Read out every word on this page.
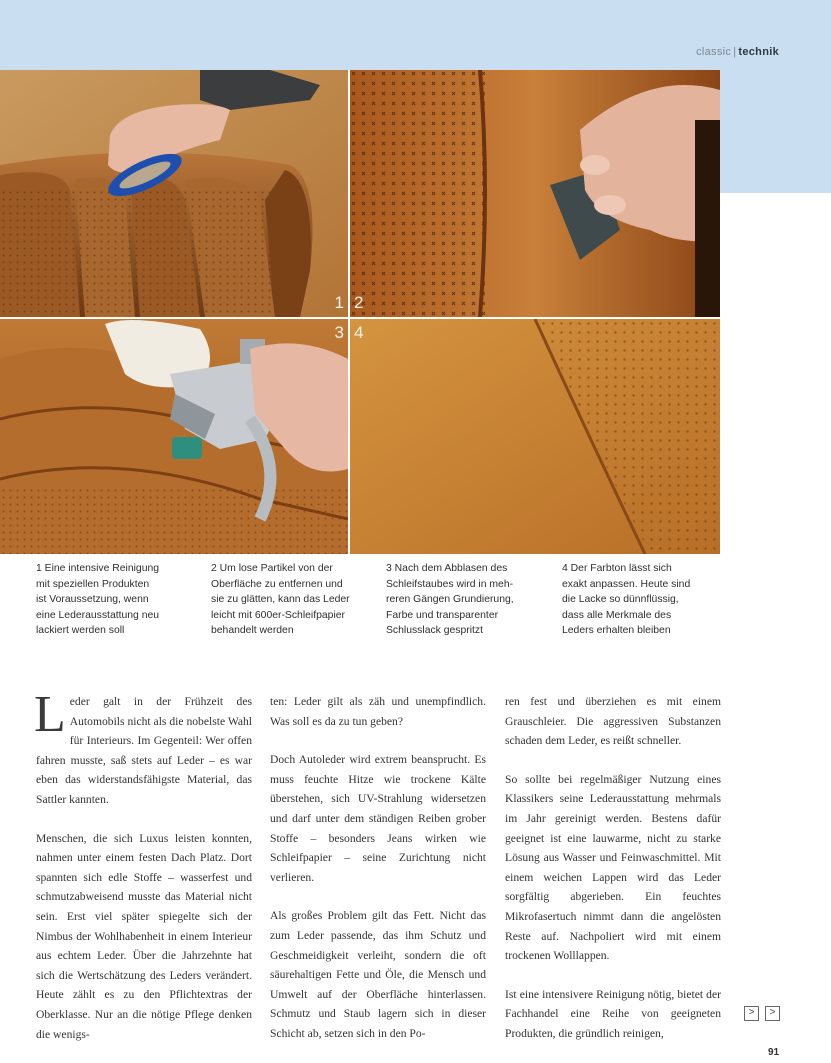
classic | technik
1 2
3 4
1 Eine intensive Reinigung
mit speziellen Produkten
ist Voraussetzung, wenn
eine Lederausstattung neu
lackiert werden soll
2 Um lose Partikel von der
Oberfläche zu entfernen und
sie zu glätten, kann das Leder
leicht mit 600er-Schleifpapier
behandelt werden
3 Nach dem Abblasen des
Schleifstaubes wird in meh-
reren Gängen Grundierung,
Farbe und transparenter
Schlusslack gespritzt
4 Der Farbton lässt sich
exakt anpassen. Heute sind
die Lacke so dünnflüssig,
dass alle Merkmale des
Leders erhalten bleiben

Leder galt in der Frühzeit des Automobils nicht als die nobelste Wahl für Interieurs. Im Gegenteil: Wer offen fahren musste, saß stets auf Leder – es war eben das widerstandsfähigste Material, das Sattler kannten.

Menschen, die sich Luxus leisten konnten, nahmen unter einem festen Dach Platz. Dort spannten sich edle Stoffe – wasserfest und schmutzabweisend musste das Material nicht sein. Erst viel später spiegelte sich der Nimbus der Wohlhabenheit in einem Interieur aus echtem Leder. Über die Jahrzehnte hat sich die Wertschätzung des Leders verändert. Heute zählt es zu den Pflichtextras der Oberklasse. Nur an die nötige Pflege denken die wenigs-

ten: Leder gilt als zäh und unempfindlich. Was soll es da zu tun geben?

Doch Autoleder wird extrem beansprucht. Es muss feuchte Hitze wie trockene Kälte überstehen, sich UV-Strahlung widersetzen und darf unter dem ständigen Reiben grober Stoffe – besonders Jeans wirken wie Schleifpapier – seine Zurichtung nicht verlieren.

Als großes Problem gilt das Fett. Nicht das zum Leder passende, das ihm Schutz und Geschmeidigkeit verleiht, sondern die oft säurehaltigen Fette und Öle, die Mensch und Umwelt auf der Oberfläche hinterlassen. Schmutz und Staub lagern sich in dieser Schicht ab, setzen sich in den Po-

ren fest und überziehen es mit einem Grauschleier. Die aggressiven Substanzen schaden dem Leder, es reißt schneller.

So sollte bei regelmäßiger Nutzung eines Klassikers seine Lederausstattung mehrmals im Jahr gereinigt werden. Bestens dafür geeignet ist eine lauwarme, nicht zu starke Lösung aus Wasser und Feinwaschmittel. Mit einem weichen Lappen wird das Leder sorgfältig abgerieben. Ein feuchtes Mikrofasertuch nimmt dann die angelösten Reste auf. Nachpoliert wird mit einem trockenen Wolllappen.

Ist eine intensivere Reinigung nötig, bietet der Fachhandel eine Reihe von geeigneten Produkten, die gründlich reinigen,

>	>
91
